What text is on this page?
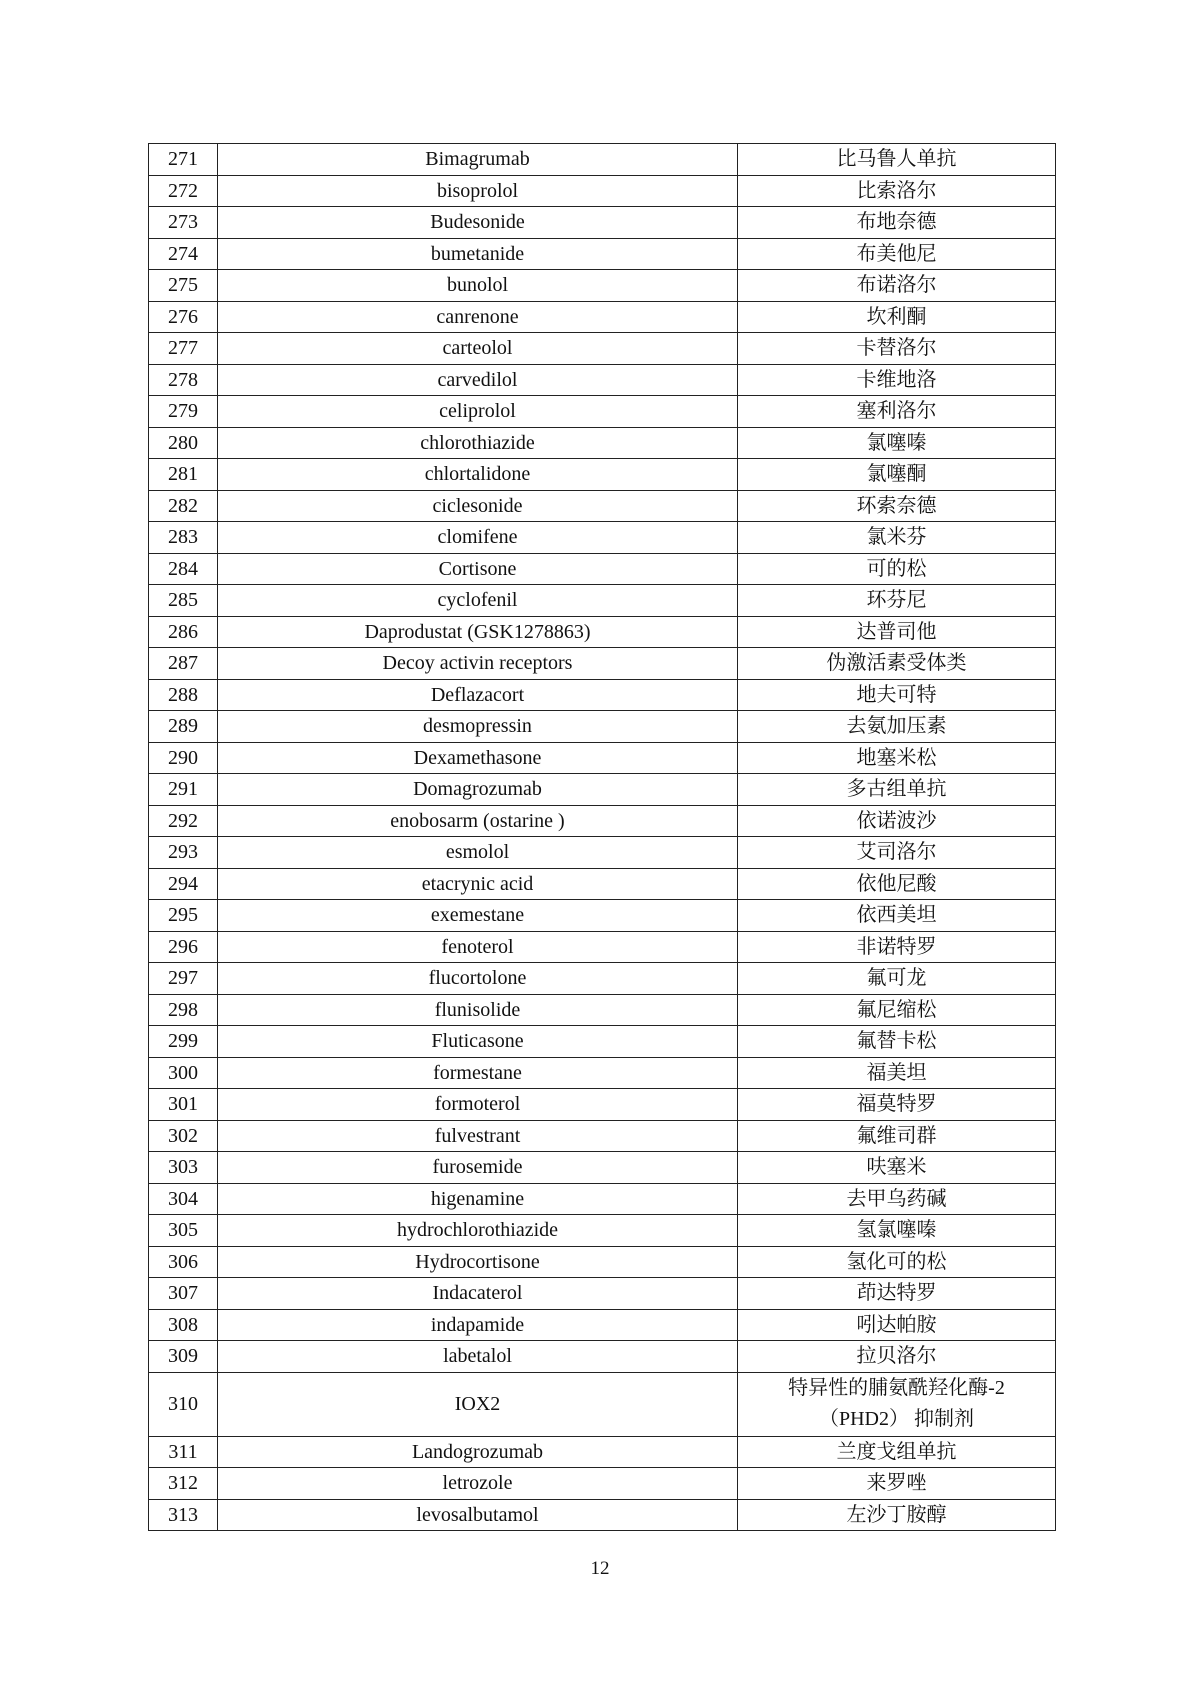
271	Bimagrumab	比马鲁人单抗

272	bisoprolol	比索洛尔

273	Budesonide	布地奈德

274	bumetanide	布美他尼

275	bunolol	布诺洛尔

276	canrenone	坎利酮

277	carteolol	卡替洛尔

278	carvedilol	卡维地洛

279	celiprolol	塞利洛尔

280	chlorothiazide	氯噻嗪

281	chlortalidone	氯噻酮

282	ciclesonide	环索奈德

283	clomifene	氯米芬

284	Cortisone	可的松

285	cyclofenil	环芬尼

286	Daprodustat (GSK1278863)	达普司他

287	Decoy activin receptors	伪激活素受体类

288	Deflazacort	地夫可特

289	desmopressin	去氨加压素

290	Dexamethasone	地塞米松

291	Domagrozumab	多古组单抗

292	enobosarm (ostarine )	依诺波沙

293	esmolol	艾司洛尔

294	etacrynic acid	依他尼酸

295	exemestane	依西美坦

296	fenoterol	非诺特罗

297	flucortolone	氟可龙

298	flunisolide	氟尼缩松

299	Fluticasone	氟替卡松

300	formestane	福美坦

301	formoterol	福莫特罗

302	fulvestrant	氟维司群

303	furosemide	呋塞米

304	higenamine	去甲乌药碱

305	hydrochlorothiazide	氢氯噻嗪

306	Hydrocortisone	氢化可的松

307	Indacaterol	茚达特罗

308	indapamide	吲达帕胺

309	labetalol	拉贝洛尔

310	IOX2	特异性的脯氨酰羟化酶-2
（PHD2） 抑制剂

311	Landogrozumab	兰度戈组单抗

312	letrozole	来罗唑

313	levosalbutamol	左沙丁胺醇
12
